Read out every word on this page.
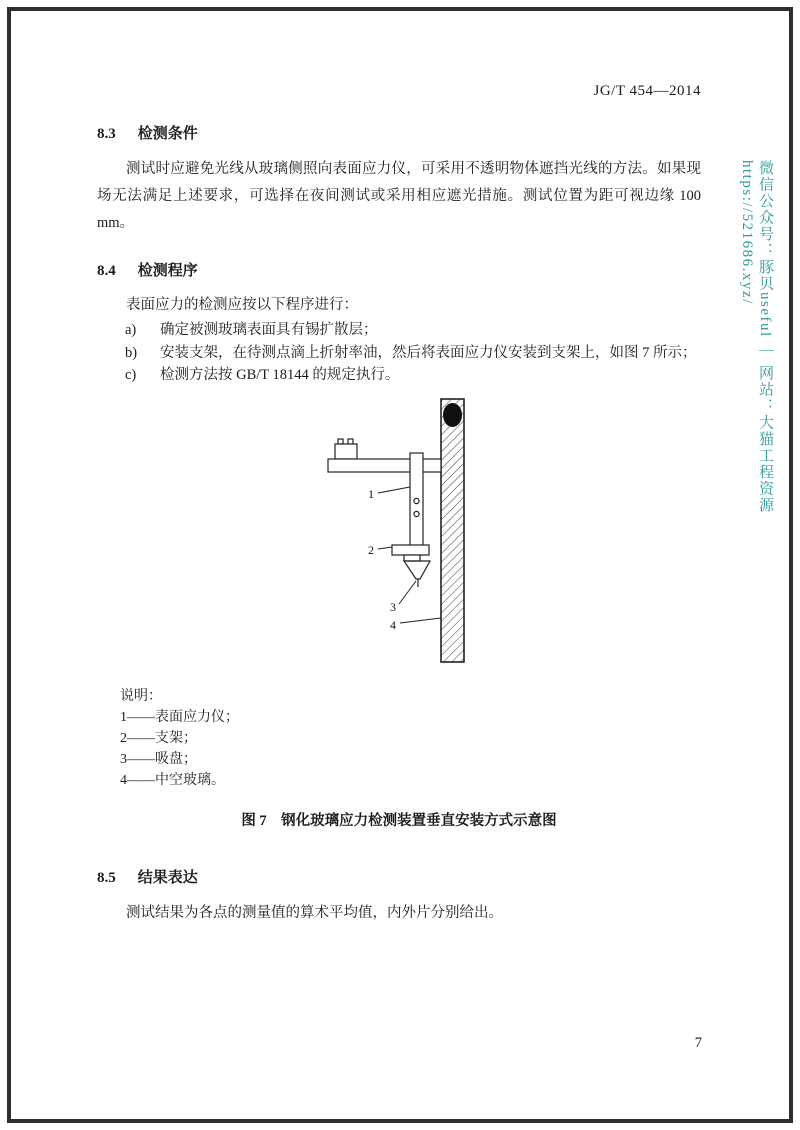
JG/T 454—2014
8.3 检测条件
测试时应避免光线从玻璃侧照向表面应力仪，可采用不透明物体遮挡光线的方法。如果现场无法满足上述要求，可选择在夜间测试或采用相应遮光措施。测试位置为距可视边缘 100 mm。
8.4 检测程序
表面应力的检测应按以下程序进行：
a)	确定被测玻璃表面具有锡扩散层；
b)	安装支架，在待测点滴上折射率油，然后将表面应力仪安装到支架上，如图 7 所示；
c)	检测方法按 GB/T 18144 的规定执行。
1
2
3
4
说明：
1——表面应力仪；
2——支架；
3——吸盘；
4——中空玻璃。
图 7　钢化玻璃应力检测装置垂直安装方式示意图
8.5 结果表达
测试结果为各点的测量值的算术平均值，内外片分别给出。
微信公众号：豚贝useful ｜ 网站：大猫工程资源 https://521686.xyz/
7
